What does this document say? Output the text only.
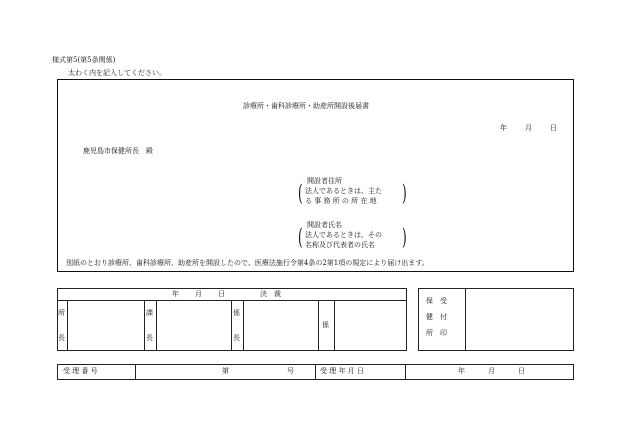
様式第5(第5条関係)
太わく内を記入してください。
診療所・歯科診療所・助産所開設後届書
年	月	日
鹿児島市保健所長　殿
開設者住所
( 法人であるときは、主た
る 事 務 所 の 所 在 地 )
開設者氏名
( 法人であるときは、その
名称及び代表者の氏名 )
別紙のとおり診療所、歯科診療所、助産所を開設したので、医療法施行令第4条の2第1項の規定により届け出ます。
年 月 日	決　裁
所
長
課
長
係
長
係
保　受
健　付
所　印
受 理 番 号	第	号	受 理 年 月 日	年	月	日
